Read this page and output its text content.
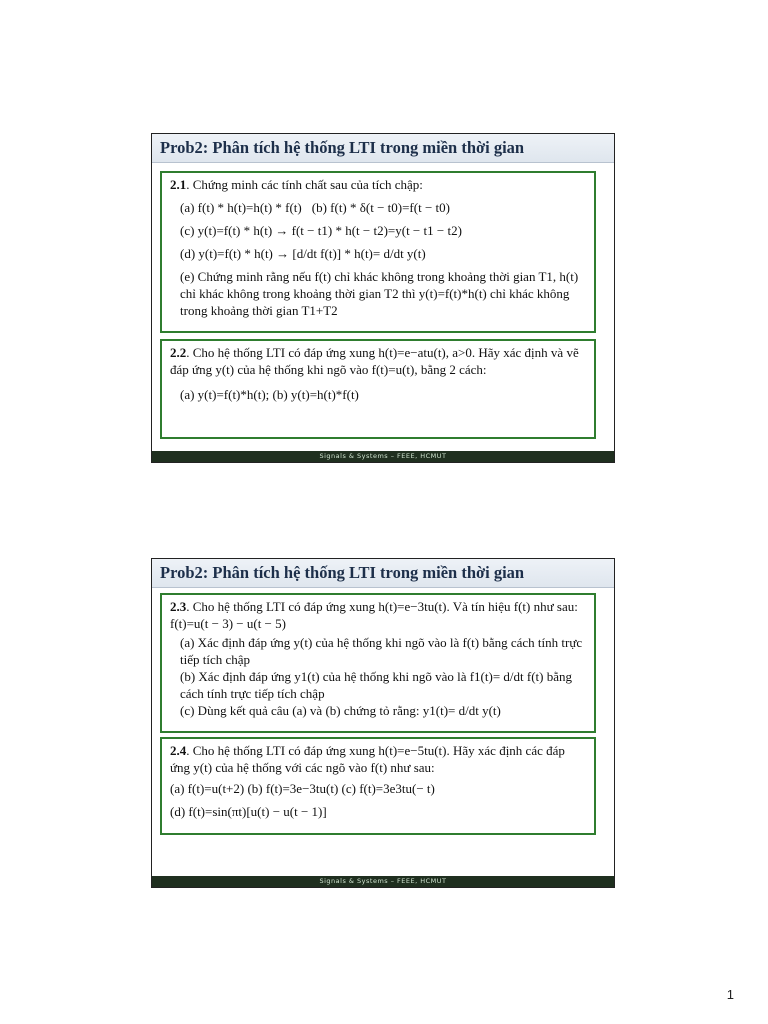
Prob2: Phân tích hệ thống LTI trong miền thời gian

2.1. Chứng minh các tính chất sau của tích chập:

(a) f(t) * h(t)=h(t) * f(t) (b) f(t) * δ(t − t0)=f(t − t0)

(c) y(t)=f(t) * h(t) → f(t − t1) * h(t − t2)=y(t − t1 − t2)

(d) y(t)=f(t) * h(t) → [d/dt f(t)] * h(t)= d/dt y(t)

(e) Chứng minh rằng nếu f(t) chỉ khác không trong khoảng thời gian T1, h(t) chỉ khác không trong khoảng thời gian T2 thì y(t)=f(t)*h(t) chỉ khác không trong khoảng thời gian T1+T2

2.2. Cho hệ thống LTI có đáp ứng xung h(t)=e−atu(t), a>0. Hãy xác định và vẽ đáp ứng y(t) của hệ thống khi ngõ vào f(t)=u(t), bằng 2 cách:

(a) y(t)=f(t)*h(t); (b) y(t)=h(t)*f(t)

Signals & Systems – FEEE, HCMUT
Prob2: Phân tích hệ thống LTI trong miền thời gian

2.3. Cho hệ thống LTI có đáp ứng xung h(t)=e−3tu(t). Và tín hiệu f(t) như sau: f(t)=u(t − 3) − u(t − 5)

(a) Xác định đáp ứng y(t) của hệ thống khi ngõ vào là f(t) bằng cách tính trực tiếp tích chập

(b) Xác định đáp ứng y1(t) của hệ thống khi ngõ vào là f1(t)= d/dt f(t) bằng cách tính trực tiếp tích chập

(c) Dùng kết quả câu (a) và (b) chứng tỏ rằng: y1(t)= d/dt y(t)

2.4. Cho hệ thống LTI có đáp ứng xung h(t)=e−5tu(t). Hãy xác định các đáp ứng y(t) của hệ thống với các ngõ vào f(t) như sau:

(a) f(t)=u(t+2) (b) f(t)=3e−3tu(t) (c) f(t)=3e3tu(− t)

(d) f(t)=sin(πt)[u(t) − u(t − 1)]

Signals & Systems – FEEE, HCMUT
1
